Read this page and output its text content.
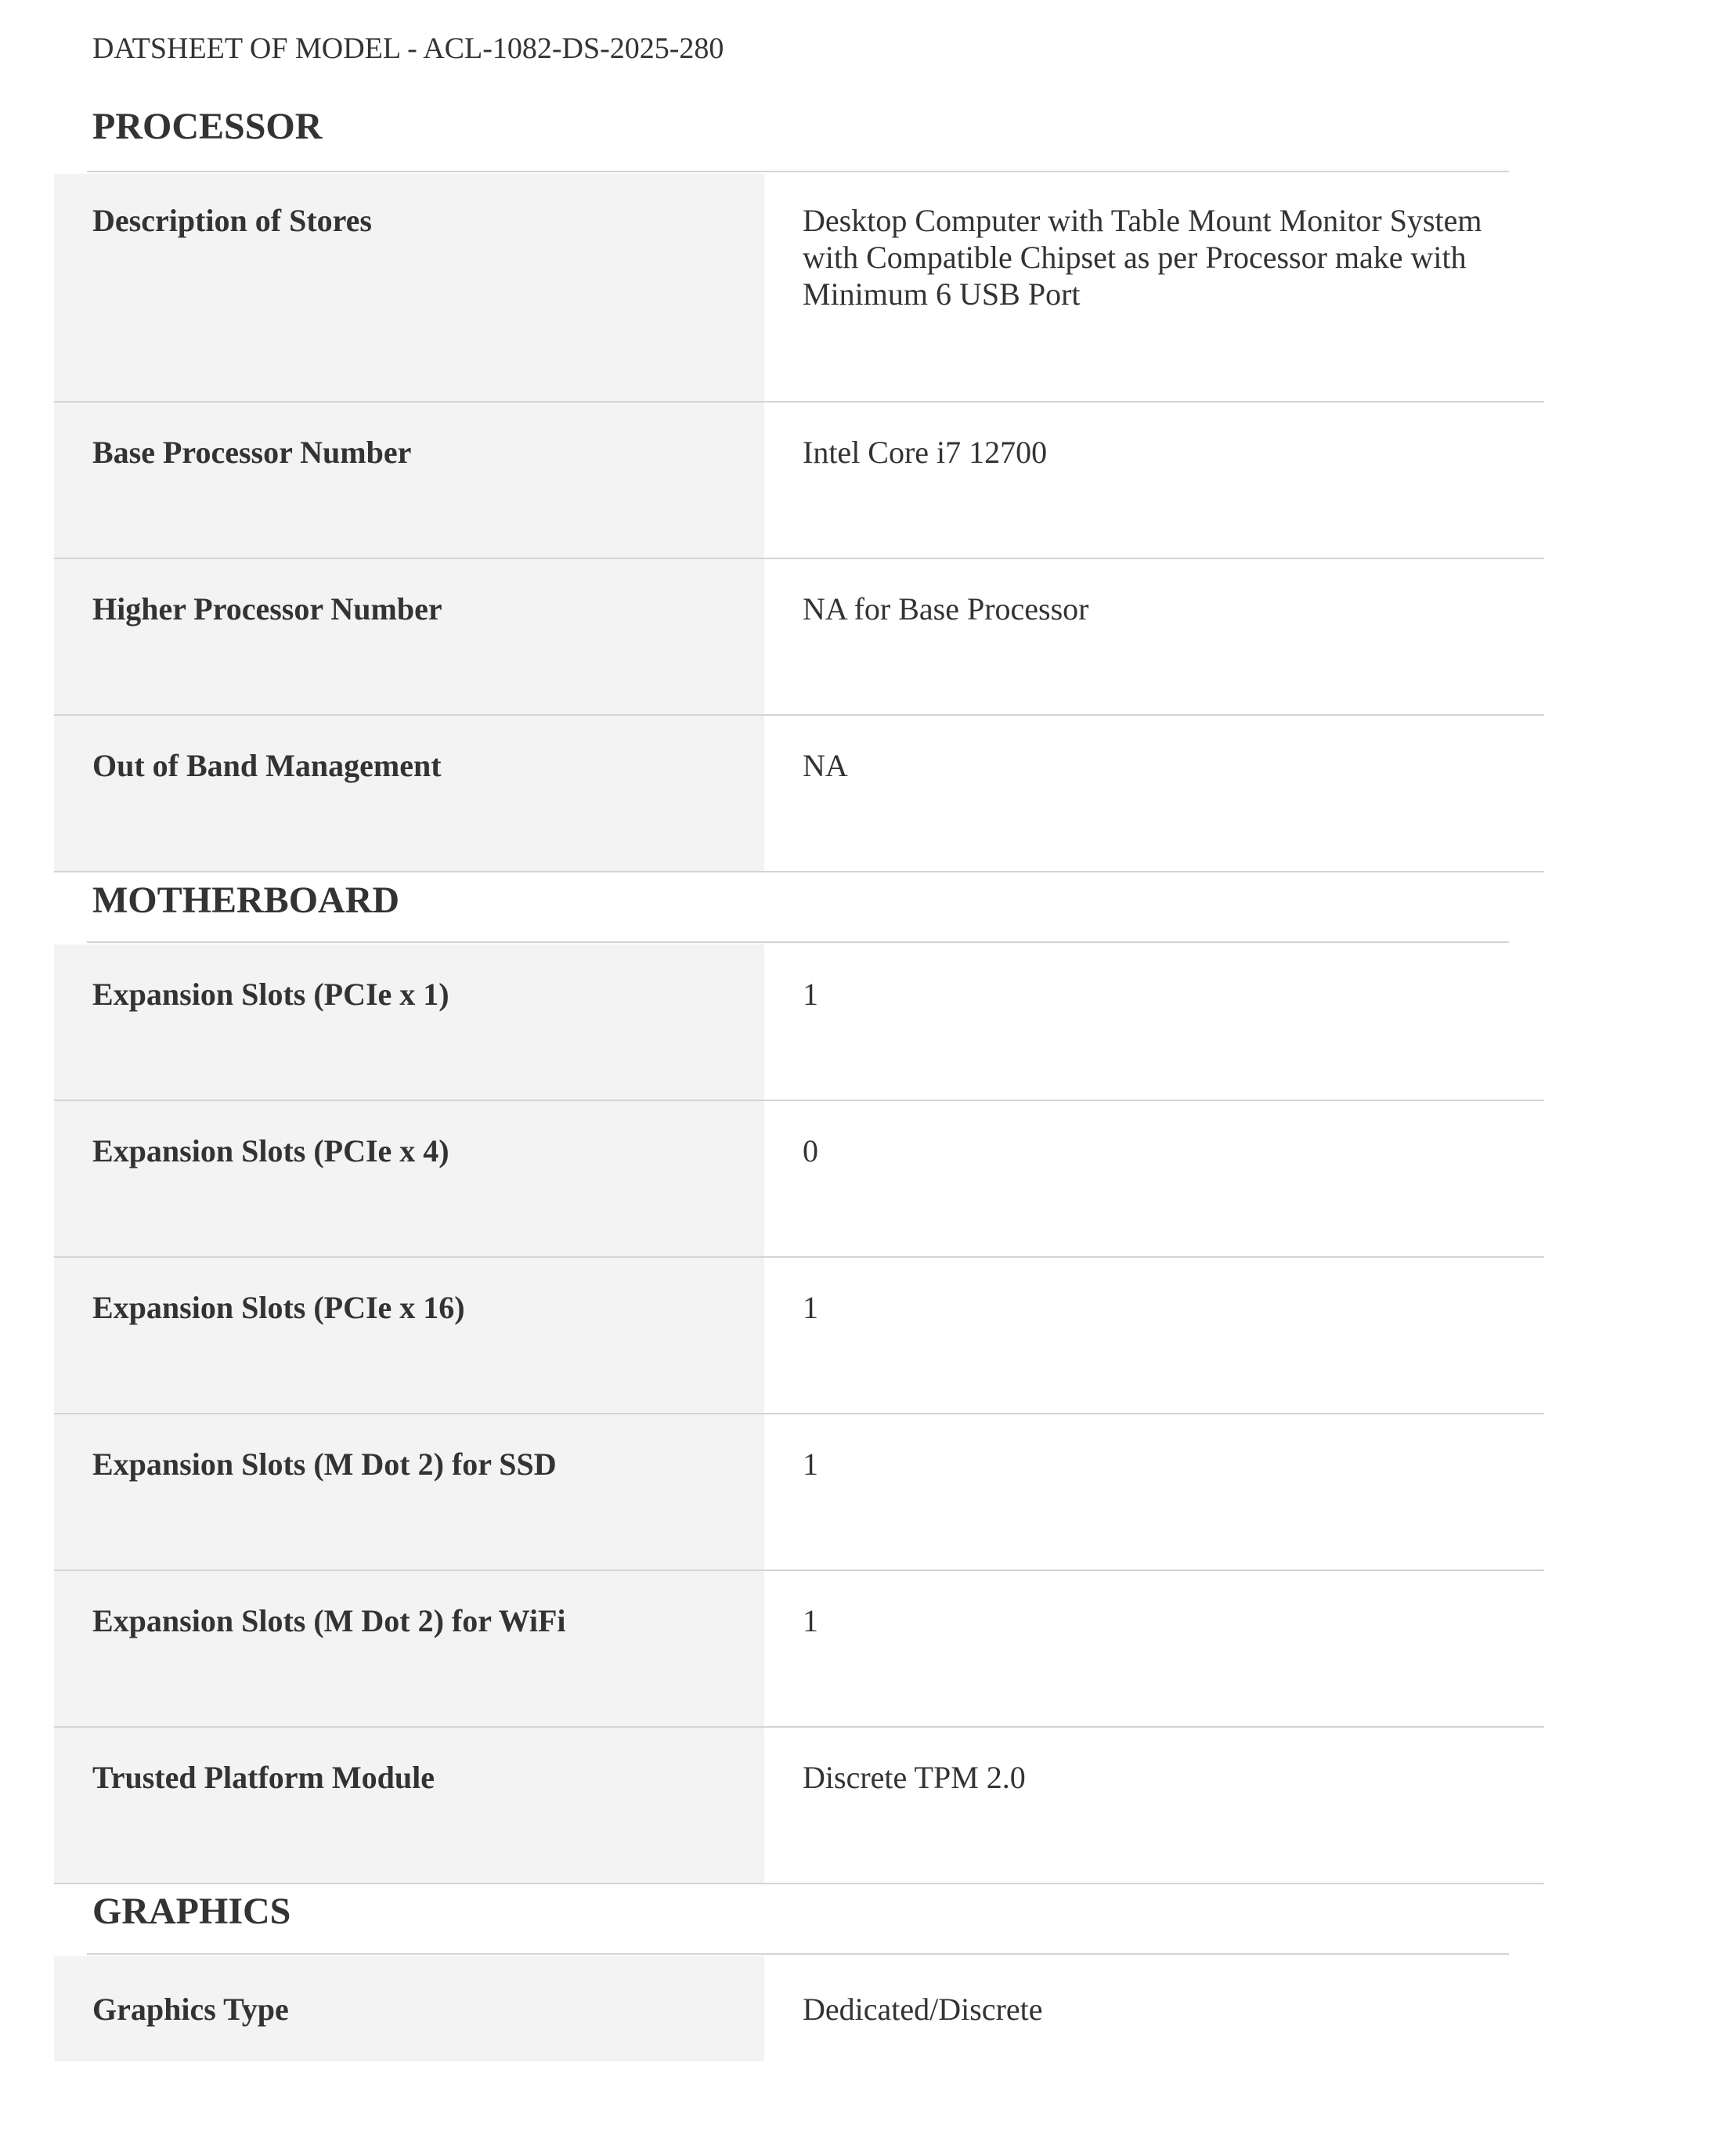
DATSHEET OF MODEL - ACL-1082-DS-2025-280
PROCESSOR
Description of Stores	Desktop Computer with Table Mount Monitor System with Compatible Chipset as per Processor make with Minimum 6 USB Port
Base Processor Number	Intel Core i7 12700
Higher Processor Number	NA for Base Processor
Out of Band Management	NA
MOTHERBOARD
Expansion Slots (PCIe x 1)	1
Expansion Slots (PCIe x 4)	0
Expansion Slots (PCIe x 16)	1
Expansion Slots (M Dot 2) for SSD	1
Expansion Slots (M Dot 2) for WiFi	1
Trusted Platform Module	Discrete TPM 2.0
GRAPHICS
Graphics Type	Dedicated/Discrete
